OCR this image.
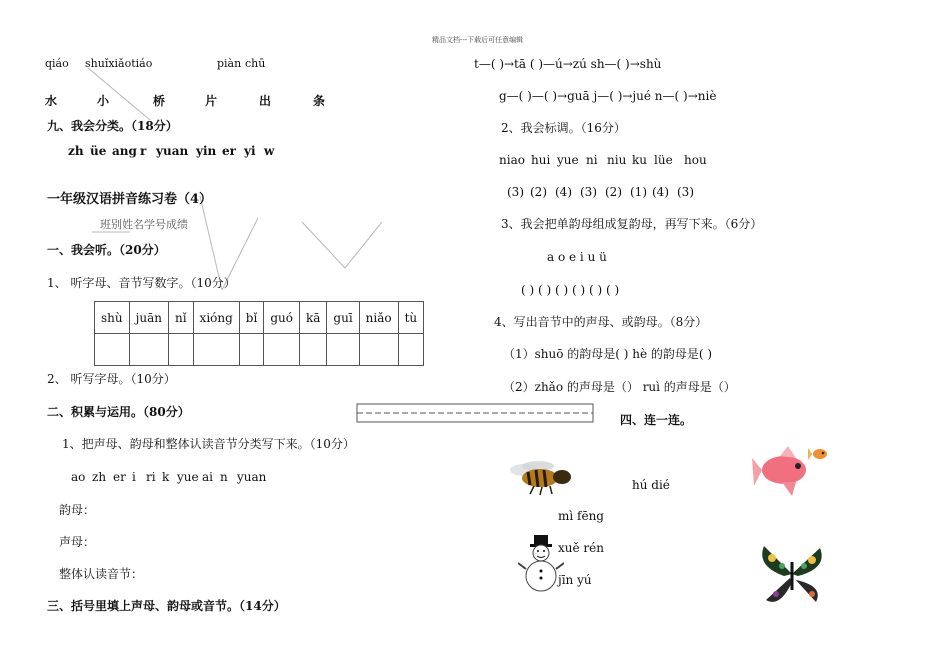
精品文档---下载后可任意编辑
qiáo	shuǐxiǎotiáo	piàn chū
水	小	桥	片	出	条
九、我会分类。（18分）
zh üe ang r yuan yin er yi w
一年级汉语拼音练习卷（4）
班别姓名学号成绩
一、我会听。（20分）
1、 听字母、音节写数字。（10分）
shù	juān	nǐ	xióng	bǐ	guó	kā	guī	niǎo	tù

2、 听写字母。（10分）
二、积累与运用。（80分）
1、把声母、韵母和整体认读音节分类写下来。（10分）
ao zh er i ri k yue ai n yuan
韵母：
声母：
整体认读音节：
三、括号里填上声母、韵母或音节。（14分）
t—( )→tā ( )—ú→zú sh—( )→shù
g—( )—( )→guā j—( )→jué n—( )→niè
2、我会标调。（16分）
niao hui yue ni niu ku lüe hou
(3) (2) (4) (3) (2) (1) (4) (3)
3、我会把单韵母组成复韵母，再写下来。（6分）
a o e i u ü
( ) ( ) ( ) ( ) ( ) ( )
4、写出音节中的声母、或韵母。（8分）
（1）shuō 的韵母是( ) hè 的韵母是( )
（2）zhǎo 的声母是（） ruì 的声母是（）
四、连一连。
hú dié
mì fēng
xuě rén
jīn yú
